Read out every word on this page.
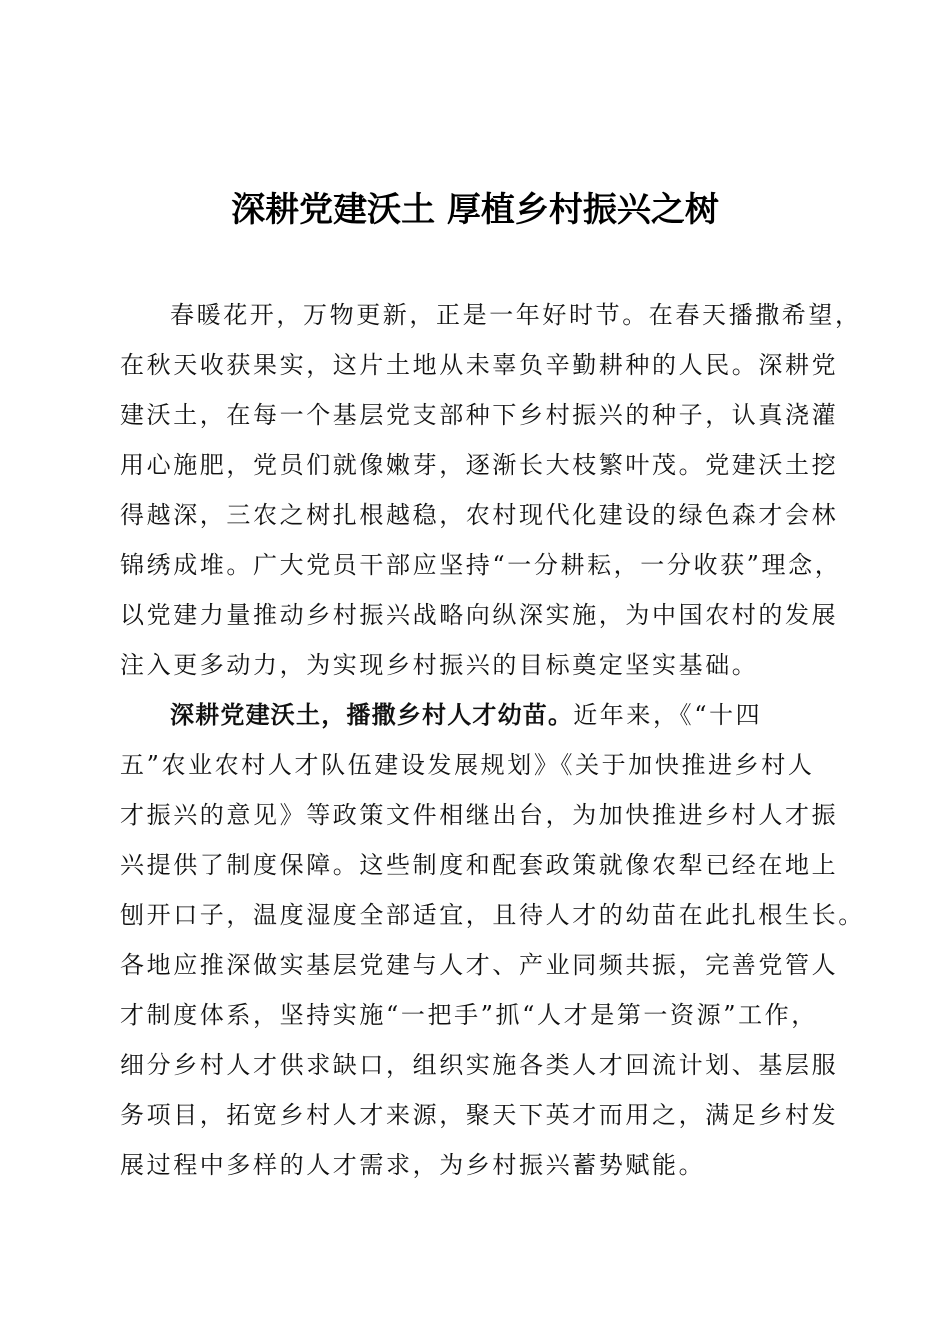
深耕党建沃土 厚植乡村振兴之树
春暖花开，万物更新，正是一年好时节。在春天播撒希望，
在秋天收获果实，这片土地从未辜负辛勤耕种的人民。深耕党
建沃土，在每一个基层党支部种下乡村振兴的种子，认真浇灌
用心施肥，党员们就像嫩芽，逐渐长大枝繁叶茂。党建沃土挖
得越深，三农之树扎根越稳，农村现代化建设的绿色森才会林
锦绣成堆。广大党员干部应坚持“一分耕耘，一分收获”理念，
以党建力量推动乡村振兴战略向纵深实施，为中国农村的发展
注入更多动力，为实现乡村振兴的目标奠定坚实基础。
深耕党建沃土，播撒乡村人才幼苗。近年来，《“十四
五”农业农村人才队伍建设发展规划》《关于加快推进乡村人
才振兴的意见》等政策文件相继出台，为加快推进乡村人才振
兴提供了制度保障。这些制度和配套政策就像农犁已经在地上
刨开口子，温度湿度全部适宜，且待人才的幼苗在此扎根生长。
各地应推深做实基层党建与人才、产业同频共振，完善党管人
才制度体系，坚持实施“一把手”抓“人才是第一资源”工作，
细分乡村人才供求缺口，组织实施各类人才回流计划、基层服
务项目，拓宽乡村人才来源，聚天下英才而用之，满足乡村发
展过程中多样的人才需求，为乡村振兴蓄势赋能。
